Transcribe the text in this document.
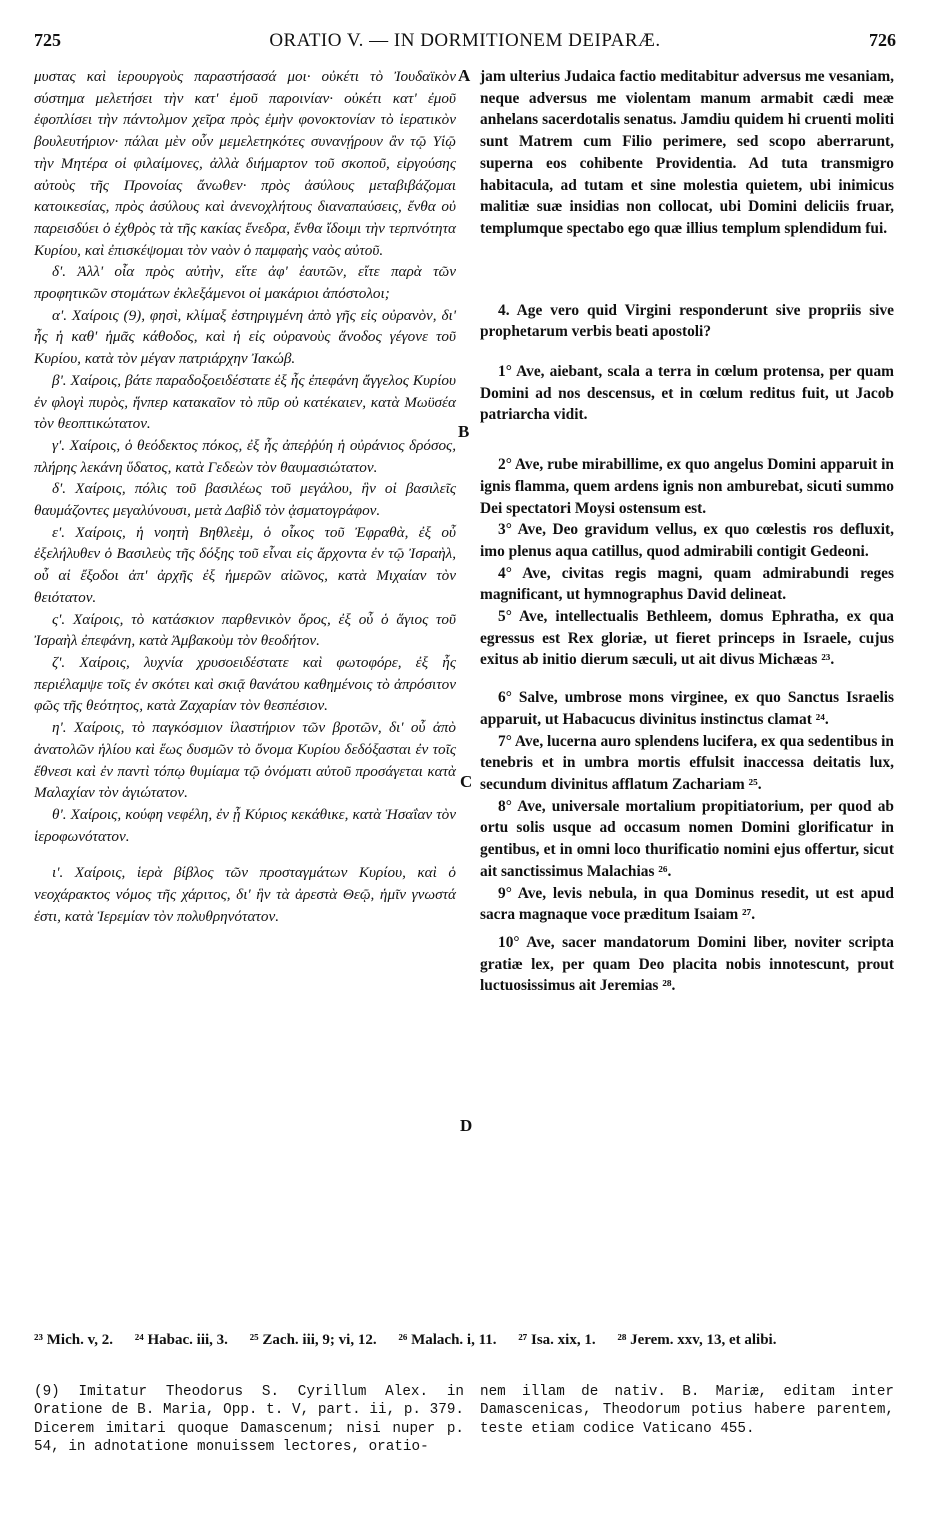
725	ORATIO V. — IN DORMITIONEM DEIPARÆ.	726
A
B
C
D

μυστας καὶ ἱερουργοὺς παραστήσασά μοι· οὐκέτι τὸ Ἰουδαϊκὸν σύστημα μελετήσει τὴν κατ' ἐμοῦ παροινίαν· οὐκέτι κατ' ἐμοῦ ἐφοπλίσει τὴν πάντολμον χεῖρα πρὸς ἐμὴν φονοκτονίαν τὸ ἱερατικὸν βουλευτήριον· πάλαι μὲν οὖν μεμελετηκότες συνανῄρουν ἂν τῷ Υἱῷ τὴν Μητέρα οἱ φιλαίμονες, ἀλλὰ διήμαρτον τοῦ σκοποῦ, εἰργούσης αὐτοὺς τῆς Προνοίας ἄνωθεν· πρὸς ἀσύλους μεταβιβάζομαι κατοικεσίας, πρὸς ἀσύλους καὶ ἀνενοχλήτους διαναπαύσεις, ἔνθα οὐ παρεισδύει ὁ ἐχθρὸς τὰ τῆς κακίας ἔνεδρα, ἔνθα ἴδοιμι τὴν τερπνότητα Κυρίου, καὶ ἐπισκέψομαι τὸν ναὸν ὁ παμφαὴς ναὸς αὐτοῦ.

δ'. Ἀλλ' οἷα πρὸς αὐτὴν, εἴτε ἀφ' ἑαυτῶν, εἴτε παρὰ τῶν προφητικῶν στομάτων ἐκλεξάμενοι οἱ μακάριοι ἀπόστολοι;

α'. Χαίροις (9), φησὶ, κλίμαξ ἐστηριγμένη ἀπὸ γῆς εἰς οὐρανὸν, δι' ἧς ἡ καθ' ἡμᾶς κάθοδος, καὶ ἡ εἰς οὐρανοὺς ἄνοδος γέγονε τοῦ Κυρίου, κατὰ τὸν μέγαν πατριάρχην Ἰακώβ.

β'. Χαίροις, βάτε παραδοξοειδέστατε ἐξ ἧς ἐπεφάνη ἄγγελος Κυρίου ἐν φλογὶ πυρὸς, ἥνπερ κατακαῖον τὸ πῦρ οὐ κατέκαιεν, κατὰ Μωϋσέα τὸν θεοπτικώτατον.

γ'. Χαίροις, ὁ θεόδεκτος πόκος, ἐξ ἧς ἀπεῤῥύη ἡ οὐράνιος δρόσος, πλήρης λεκάνη ὕδατος, κατὰ Γεδεὼν τὸν θαυμασιώτατον.

δ'. Χαίροις, πόλις τοῦ βασιλέως τοῦ μεγάλου, ἣν οἱ βασιλεῖς θαυμάζοντες μεγαλύνουσι, μετὰ Δαβὶδ τὸν ᾀσματογράφον.

ε'. Χαίροις, ἡ νοητὴ Βηθλεὲμ, ὁ οἶκος τοῦ Ἐφραθὰ, ἐξ οὗ ἐξελήλυθεν ὁ Βασιλεὺς τῆς δόξης τοῦ εἶναι εἰς ἄρχοντα ἐν τῷ Ἰσραὴλ, οὗ αἱ ἔξοδοι ἀπ' ἀρχῆς ἐξ ἡμερῶν αἰῶνος, κατὰ Μιχαίαν τὸν θειότατον.

ς'. Χαίροις, τὸ κατάσκιον παρθενικὸν ὄρος, ἐξ οὗ ὁ ἅγιος τοῦ Ἰσραὴλ ἐπεφάνη, κατὰ Ἀμβακοὺμ τὸν θεοδήτον.

ζ'. Χαίροις, λυχνία χρυσοειδέστατε καὶ φωτοφόρε, ἐξ ἧς περιέλαμψε τοῖς ἐν σκότει καὶ σκιᾷ θανάτου καθημένοις τὸ ἀπρόσιτον φῶς τῆς θεότητος, κατὰ Ζαχαρίαν τὸν θεσπέσιον.

η'. Χαίροις, τὸ παγκόσμιον ἱλαστήριον τῶν βροτῶν, δι' οὗ ἀπὸ ἀνατολῶν ἡλίου καὶ ἕως δυσμῶν τὸ ὄνομα Κυρίου δεδόξασται ἐν τοῖς ἔθνεσι καὶ ἐν παντὶ τόπῳ θυμίαμα τῷ ὀνόματι αὐτοῦ προσάγεται κατὰ Μαλαχίαν τὸν ἁγιώτατον.

θ'. Χαίροις, κούφη νεφέλη, ἐν ᾗ Κύριος κεκάθικε, κατὰ Ἡσαΐαν τὸν ἱεροφωνότατον.

ι'. Χαίροις, ἱερὰ βίβλος τῶν προσταγμάτων Κυρίου, καὶ ὁ νεοχάρακτος νόμος τῆς χάριτος, δι' ἣν τὰ ἀρεστὰ Θεῷ, ἡμῖν γνωστά ἐστι, κατὰ Ἱερεμίαν τὸν πολυθρηνότατον.

jam ulterius Judaica factio meditabitur adversus me vesaniam, neque adversus me violentam manum armabit cædi meæ anhelans sacerdotalis senatus. Jamdiu quidem hi cruenti moliti sunt Matrem cum Filio perimere, sed scopo aberrarunt, superna eos cohibente Providentia. Ad tuta transmigro habitacula, ad tutam et sine molestia quietem, ubi inimicus malitiæ suæ insidias non collocat, ubi Domini deliciis fruar, templumque spectabo ego quæ illius templum splendidum fui.

4. Age vero quid Virgini responderunt sive propriis sive prophetarum verbis beati apostoli?

1° Ave, aiebant, scala a terra in cœlum protensa, per quam Domini ad nos descensus, et in cœlum reditus fuit, ut Jacob patriarcha vidit.

2° Ave, rube mirabillime, ex quo angelus Domini apparuit in ignis flamma, quem ardens ignis non amburebat, sicuti summo Dei spectatori Moysi ostensum est.

3° Ave, Deo gravidum vellus, ex quo cœlestis ros defluxit, imo plenus aqua catillus, quod admirabili contigit Gedeoni.

4° Ave, civitas regis magni, quam admirabundi reges magnificant, ut hymnographus David delineat.

5° Ave, intellectualis Bethleem, domus Ephratha, ex qua egressus est Rex gloriæ, ut fieret princeps in Israele, cujus exitus ab initio dierum sæculi, ut ait divus Michæas ²³.

6° Salve, umbrose mons virginee, ex quo Sanctus Israelis apparuit, ut Habacucus divinitus instinctus clamat ²⁴.

7° Ave, lucerna auro splendens lucifera, ex qua sedentibus in tenebris et in umbra mortis effulsit inaccessa deitatis lux, secundum divinitus afflatum Zachariam ²⁵.

8° Ave, universale mortalium propitiatorium, per quod ab ortu solis usque ad occasum nomen Domini glorificatur in gentibus, et in omni loco thurificatio nomini ejus offertur, sicut ait sanctissimus Malachias ²⁶.

9° Ave, levis nebula, in qua Dominus resedit, ut est apud sacra magnaque voce præditum Isaiam ²⁷.

10° Ave, sacer mandatorum Domini liber, noviter scripta gratiæ lex, per quam Deo placita nobis innotescunt, prout luctuosissimus ait Jeremias ²⁸.

²³ Mich. v, 2. ²⁴ Habac. iii, 3. ²⁵ Zach. iii, 9; vi, 12. ²⁶ Malach. i, 11. ²⁷ Isa. xix, 1. ²⁸ Jerem. xxv, 13, et alibi.
(9) Imitatur Theodorus S. Cyrillum Alex. in Oratione de B. Maria, Opp. t. V, part. ii, p. 379. Dicerem imitari quoque Damascenum; nisi nuper p. 54, in adnotatione monuissem lectores, oratio-
nem illam de nativ. B. Mariæ, editam inter Damascenicas, Theodorum potius habere parentem, teste etiam codice Vaticano 455.
